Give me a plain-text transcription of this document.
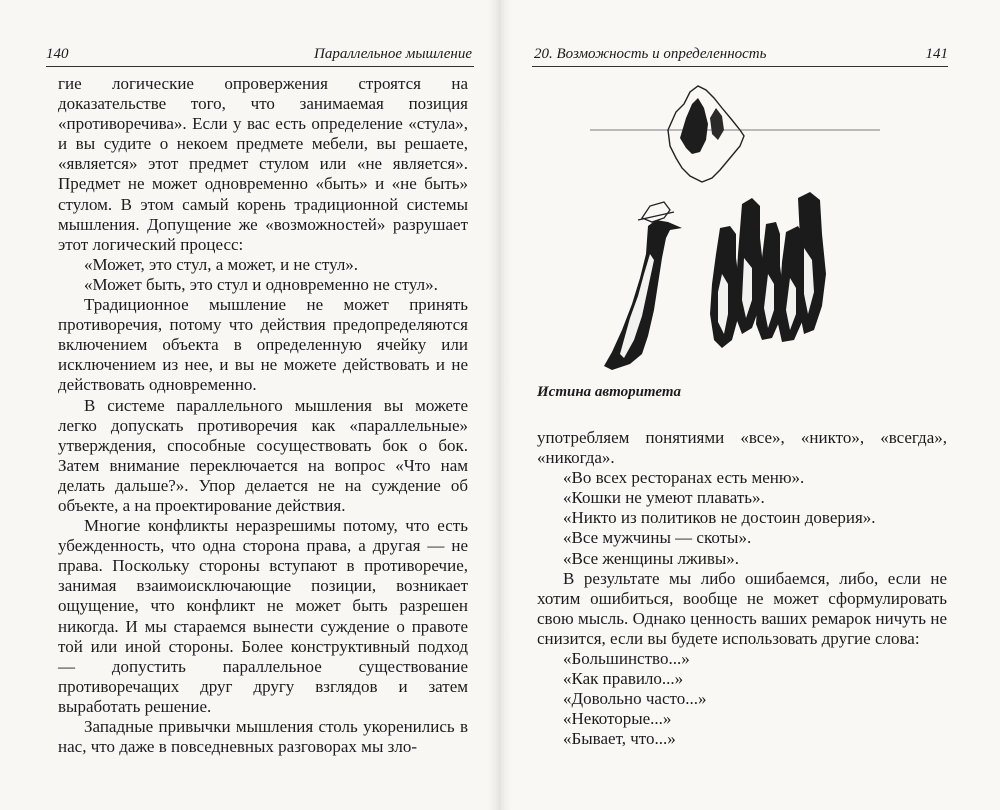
140	Параллельное мышление	20. Возможность и определенность	141

гие логические опровержения строятся на доказательстве того, что занимаемая позиция «противоречива». Если у вас есть определение «стула», и вы судите о некоем предмете мебели, вы решаете, «является» этот предмет стулом или «не является». Предмет не может одновременно «быть» и «не быть» стулом. В этом самый корень традиционной системы мышления. Допущение же «возможностей» разрушает этот логический процесс:

«Может, это стул, а может, и не стул».

«Может быть, это стул и одновременно не стул».

Традиционное мышление не может принять противоречия, потому что действия предопределяются включением объекта в определенную ячейку или исключением из нее, и вы не можете действовать и не действовать одновременно.

В системе параллельного мышления вы можете легко допускать противоречия как «параллельные» утверждения, способные сосуществовать бок о бок. Затем внимание переключается на вопрос «Что нам делать дальше?». Упор делается не на суждение об объекте, а на проектирование действия.

Многие конфликты неразрешимы потому, что есть убежденность, что одна сторона права, а другая — не права. Поскольку стороны вступают в противоречие, занимая взаимоисключающие позиции, возникает ощущение, что конфликт не может быть разрешен никогда. И мы стараемся вынести суждение о правоте той или иной стороны. Более конструктивный подход — допустить параллельное существование противоречащих друг другу взглядов и затем выработать решение.

Западные привычки мышления столь укоренились в нас, что даже в повседневных разговорах мы зло-

Истина авторитета

употребляем понятиями «все», «никто», «всегда», «никогда».

«Во всех ресторанах есть меню».

«Кошки не умеют плавать».

«Никто из политиков не достоин доверия».

«Все мужчины — скоты».

«Все женщины лживы».

В результате мы либо ошибаемся, либо, если не хотим ошибиться, вообще не может сформулировать свою мысль. Однако ценность ваших ремарок ничуть не снизится, если вы будете использовать другие слова:

«Большинство...»

«Как правило...»

«Довольно часто...»

«Некоторые...»

«Бывает, что...»
